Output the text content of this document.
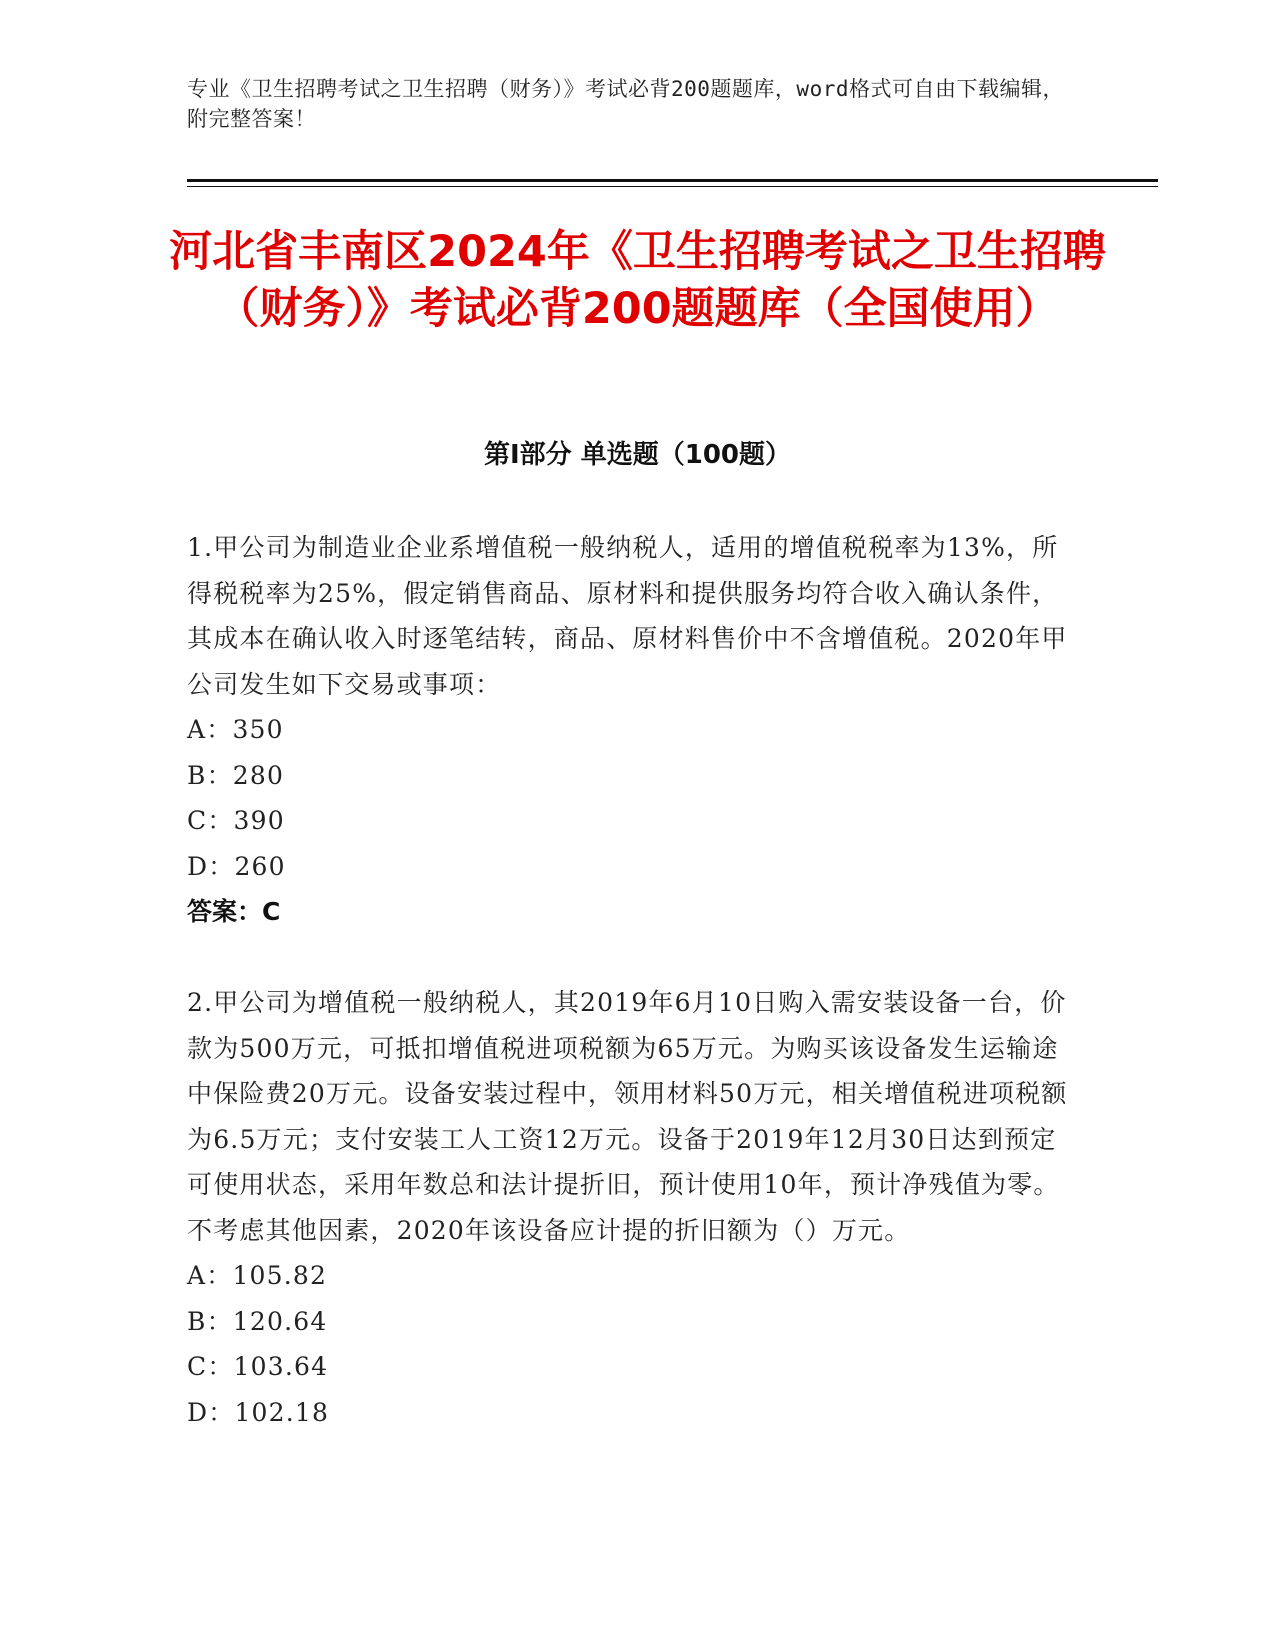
专业《卫生招聘考试之卫生招聘（财务）》考试必背200题题库，word格式可自由下载编辑，附完整答案！
河北省丰南区2024年《卫生招聘考试之卫生招聘（财务）》考试必背200题题库（全国使用）
第Ⅰ部分 单选题（100题）
1.甲公司为制造业企业系增值税一般纳税人，适用的增值税税率为13%，所得税税率为25%，假定销售商品、原材料和提供服务均符合收入确认条件，其成本在确认收入时逐笔结转，商品、原材料售价中不含增值税。2020年甲公司发生如下交易或事项：
A：350
B：280
C：390
D：260
答案：C
2.甲公司为增值税一般纳税人，其2019年6月10日购入需安装设备一台，价款为500万元，可抵扣增值税进项税额为65万元。为购买该设备发生运输途中保险费20万元。设备安装过程中，领用材料50万元，相关增值税进项税额为6.5万元；支付安装工人工资12万元。设备于2019年12月30日达到预定可使用状态，采用年数总和法计提折旧，预计使用10年，预计净残值为零。不考虑其他因素，2020年该设备应计提的折旧额为（）万元。
A：105.82
B：120.64
C：103.64
D：102.18
